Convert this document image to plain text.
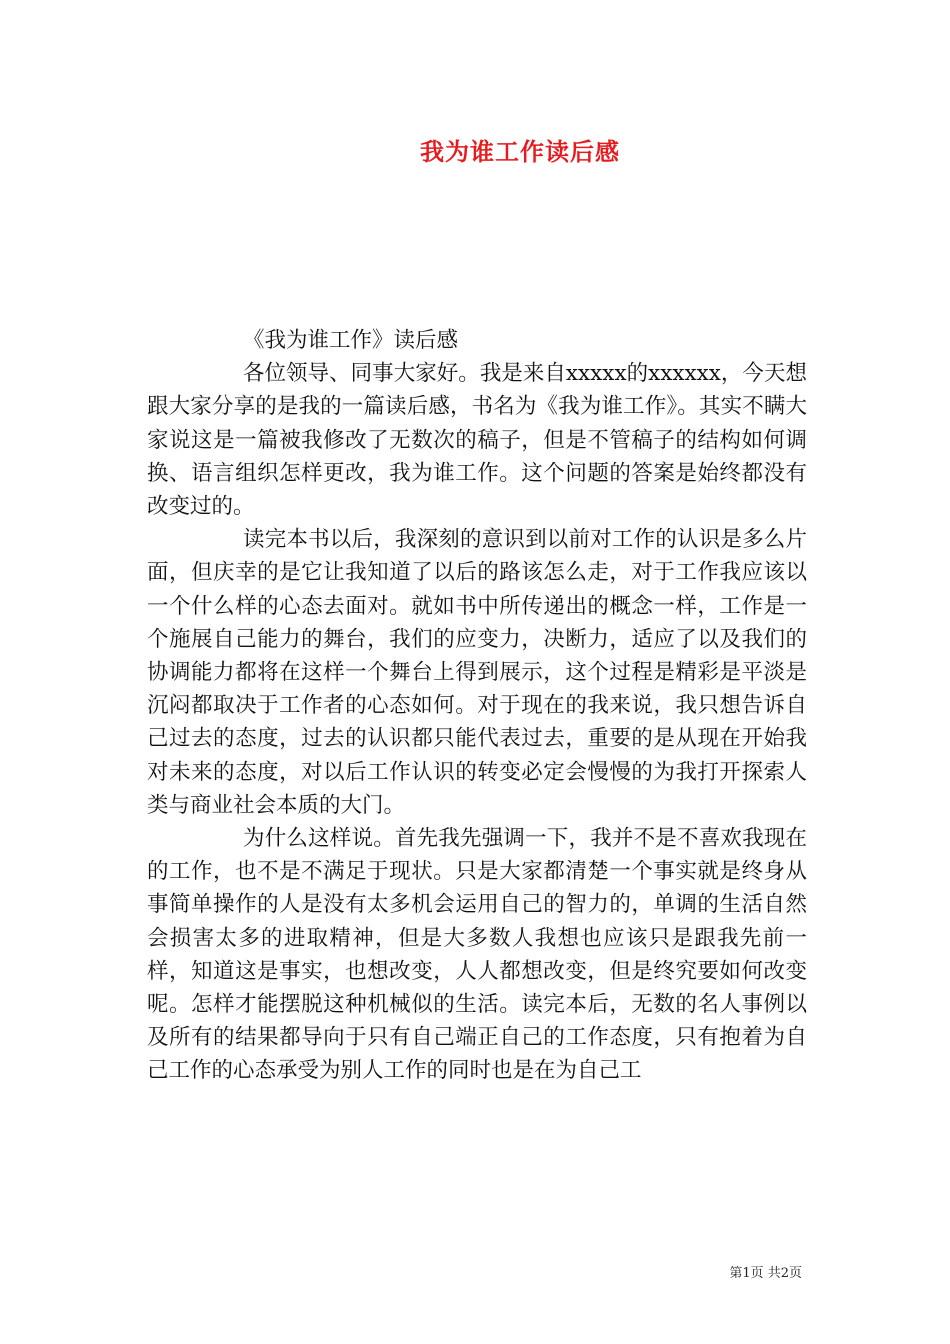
我为谁工作读后感

《我为谁工作》读后感

各位领导、同事大家好。我是来自xxxxx的xxxxxx，今天想跟大家分享的是我的一篇读后感，书名为《我为谁工作》。其实不瞒大家说这是一篇被我修改了无数次的稿子，但是不管稿子的结构如何调换、语言组织怎样更改，我为谁工作。这个问题的答案是始终都没有改变过的。

读完本书以后，我深刻的意识到以前对工作的认识是多么片面，但庆幸的是它让我知道了以后的路该怎么走，对于工作我应该以一个什么样的心态去面对。就如书中所传递出的概念一样，工作是一个施展自己能力的舞台，我们的应变力，决断力，适应了以及我们的协调能力都将在这样一个舞台上得到展示，这个过程是精彩是平淡是沉闷都取决于工作者的心态如何。对于现在的我来说，我只想告诉自己过去的态度，过去的认识都只能代表过去，重要的是从现在开始我对未来的态度，对以后工作认识的转变必定会慢慢的为我打开探索人类与商业社会本质的大门。

为什么这样说。首先我先强调一下，我并不是不喜欢我现在的工作，也不是不满足于现状。只是大家都清楚一个事实就是终身从事简单操作的人是没有太多机会运用自己的智力的，单调的生活自然会损害太多的进取精神，但是大多数人我想也应该只是跟我先前一样，知道这是事实，也想改变，人人都想改变，但是终究要如何改变呢。怎样才能摆脱这种机械似的生活。读完本后，无数的名人事例以及所有的结果都导向于只有自己端正自己的工作态度，只有抱着为自己工作的心态承受为别人工作的同时也是在为自己工

第1页 共2页
